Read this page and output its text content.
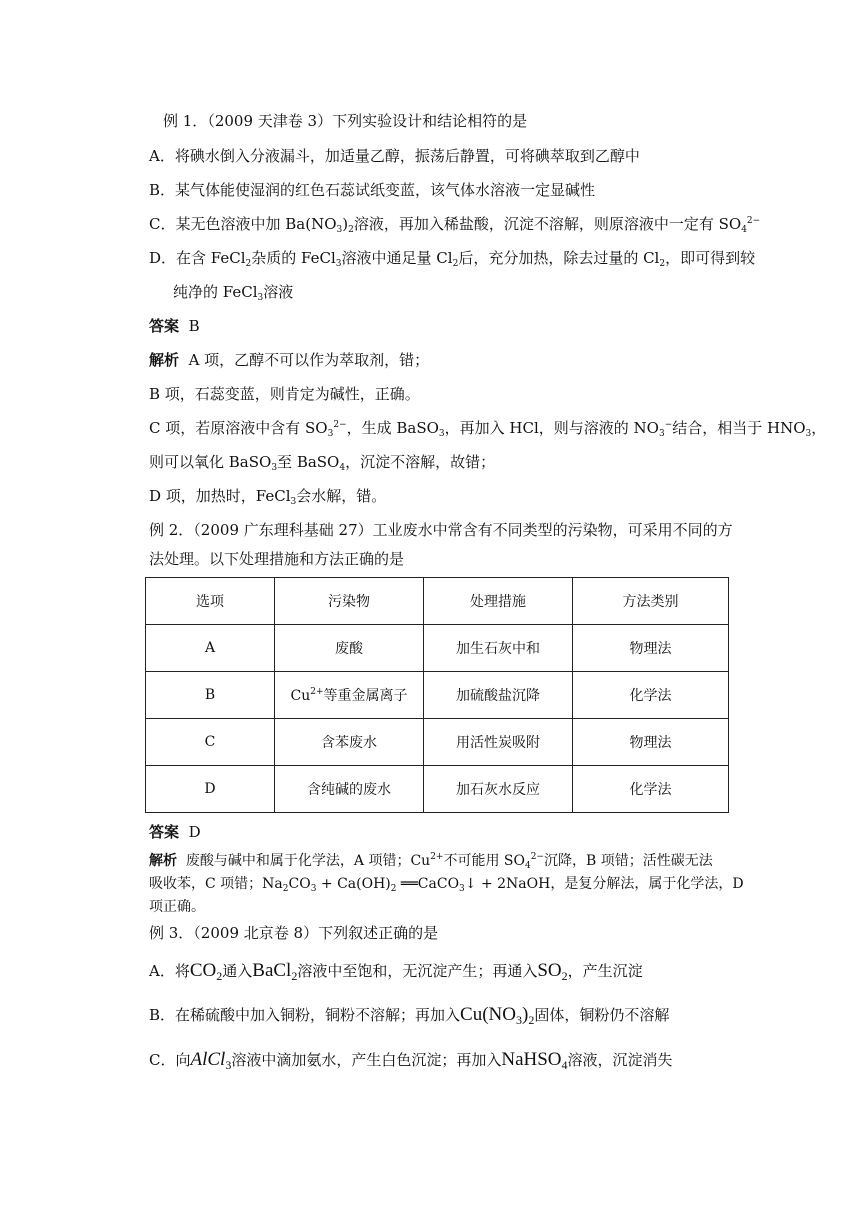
例 1．（2009 天津卷 3）下列实验设计和结论相符的是
A．将碘水倒入分液漏斗，加适量乙醇，振荡后静置，可将碘萃取到乙醇中
B．某气体能使湿润的红色石蕊试纸变蓝，该气体水溶液一定显碱性
C．某无色溶液中加 $Ba(NO_3)_2$溶液，再加入稀盐酸，沉淀不溶解，则原溶液中一定有 $SO_4^{2-}$
D．在含 FeCl$_2$杂质的 FeCl$_3$溶液中通足量 $Cl_2$后，充分加热，除去过量的 $Cl_2$，即可得到较
纯净的 FeCl$_3$溶液
答案 B
解析 A 项，乙醇不可以作为萃取剂，错；
B 项，石蕊变蓝，则肯定为碱性，正确。
C 项，若原溶液中含有 $SO_3^{2-}$，生成 BaSO$_3$，再加入 HCl，则与溶液的 $NO_3^-$结合，相当于 $HNO_3$，
则可以氧化 BaSO$_3$至 BaSO$_4$，沉淀不溶解，故错；
D 项，加热时，FeCl$_3$会水解，错。
例 2．（2009 广东理科基础 27）工业废水中常含有不同类型的污染物，可采用不同的方
法处理。以下处理措施和方法正确的是
选项	污染物	处理措施	方法类别
A	废酸	加生石灰中和	物理法
B	$Cu^{2+}$等重金属离子	加硫酸盐沉降	化学法
C	含苯废水	用活性炭吸附	物理法
D	含纯碱的废水	加石灰水反应	化学法
答案 D
解析 废酸与碱中和属于化学法，A 项错；$Cu^{2+}$不可能用 $SO_4^{2-}$沉降，B 项错；活性碳无法
吸收苯，C 项错；$Na_2CO_3 + Ca(OH)_2$ ══CaCO$_3$↓ + 2NaOH，是复分解法，属于化学法，D
项正确。
例 3．（2009 北京卷 8）下列叙述正确的是
A．将$CO_2$通入BaCl$_2$溶液中至饱和，无沉淀产生；再通入$SO_2$，产生沉淀
B．在稀硫酸中加入铜粉，铜粉不溶解；再加入$Cu(NO_3)_2$固体，铜粉仍不溶解
C．向AlCl$_3$溶液中滴加氨水，产生白色沉淀；再加入NaHSO$_4$溶液，沉淀消失
